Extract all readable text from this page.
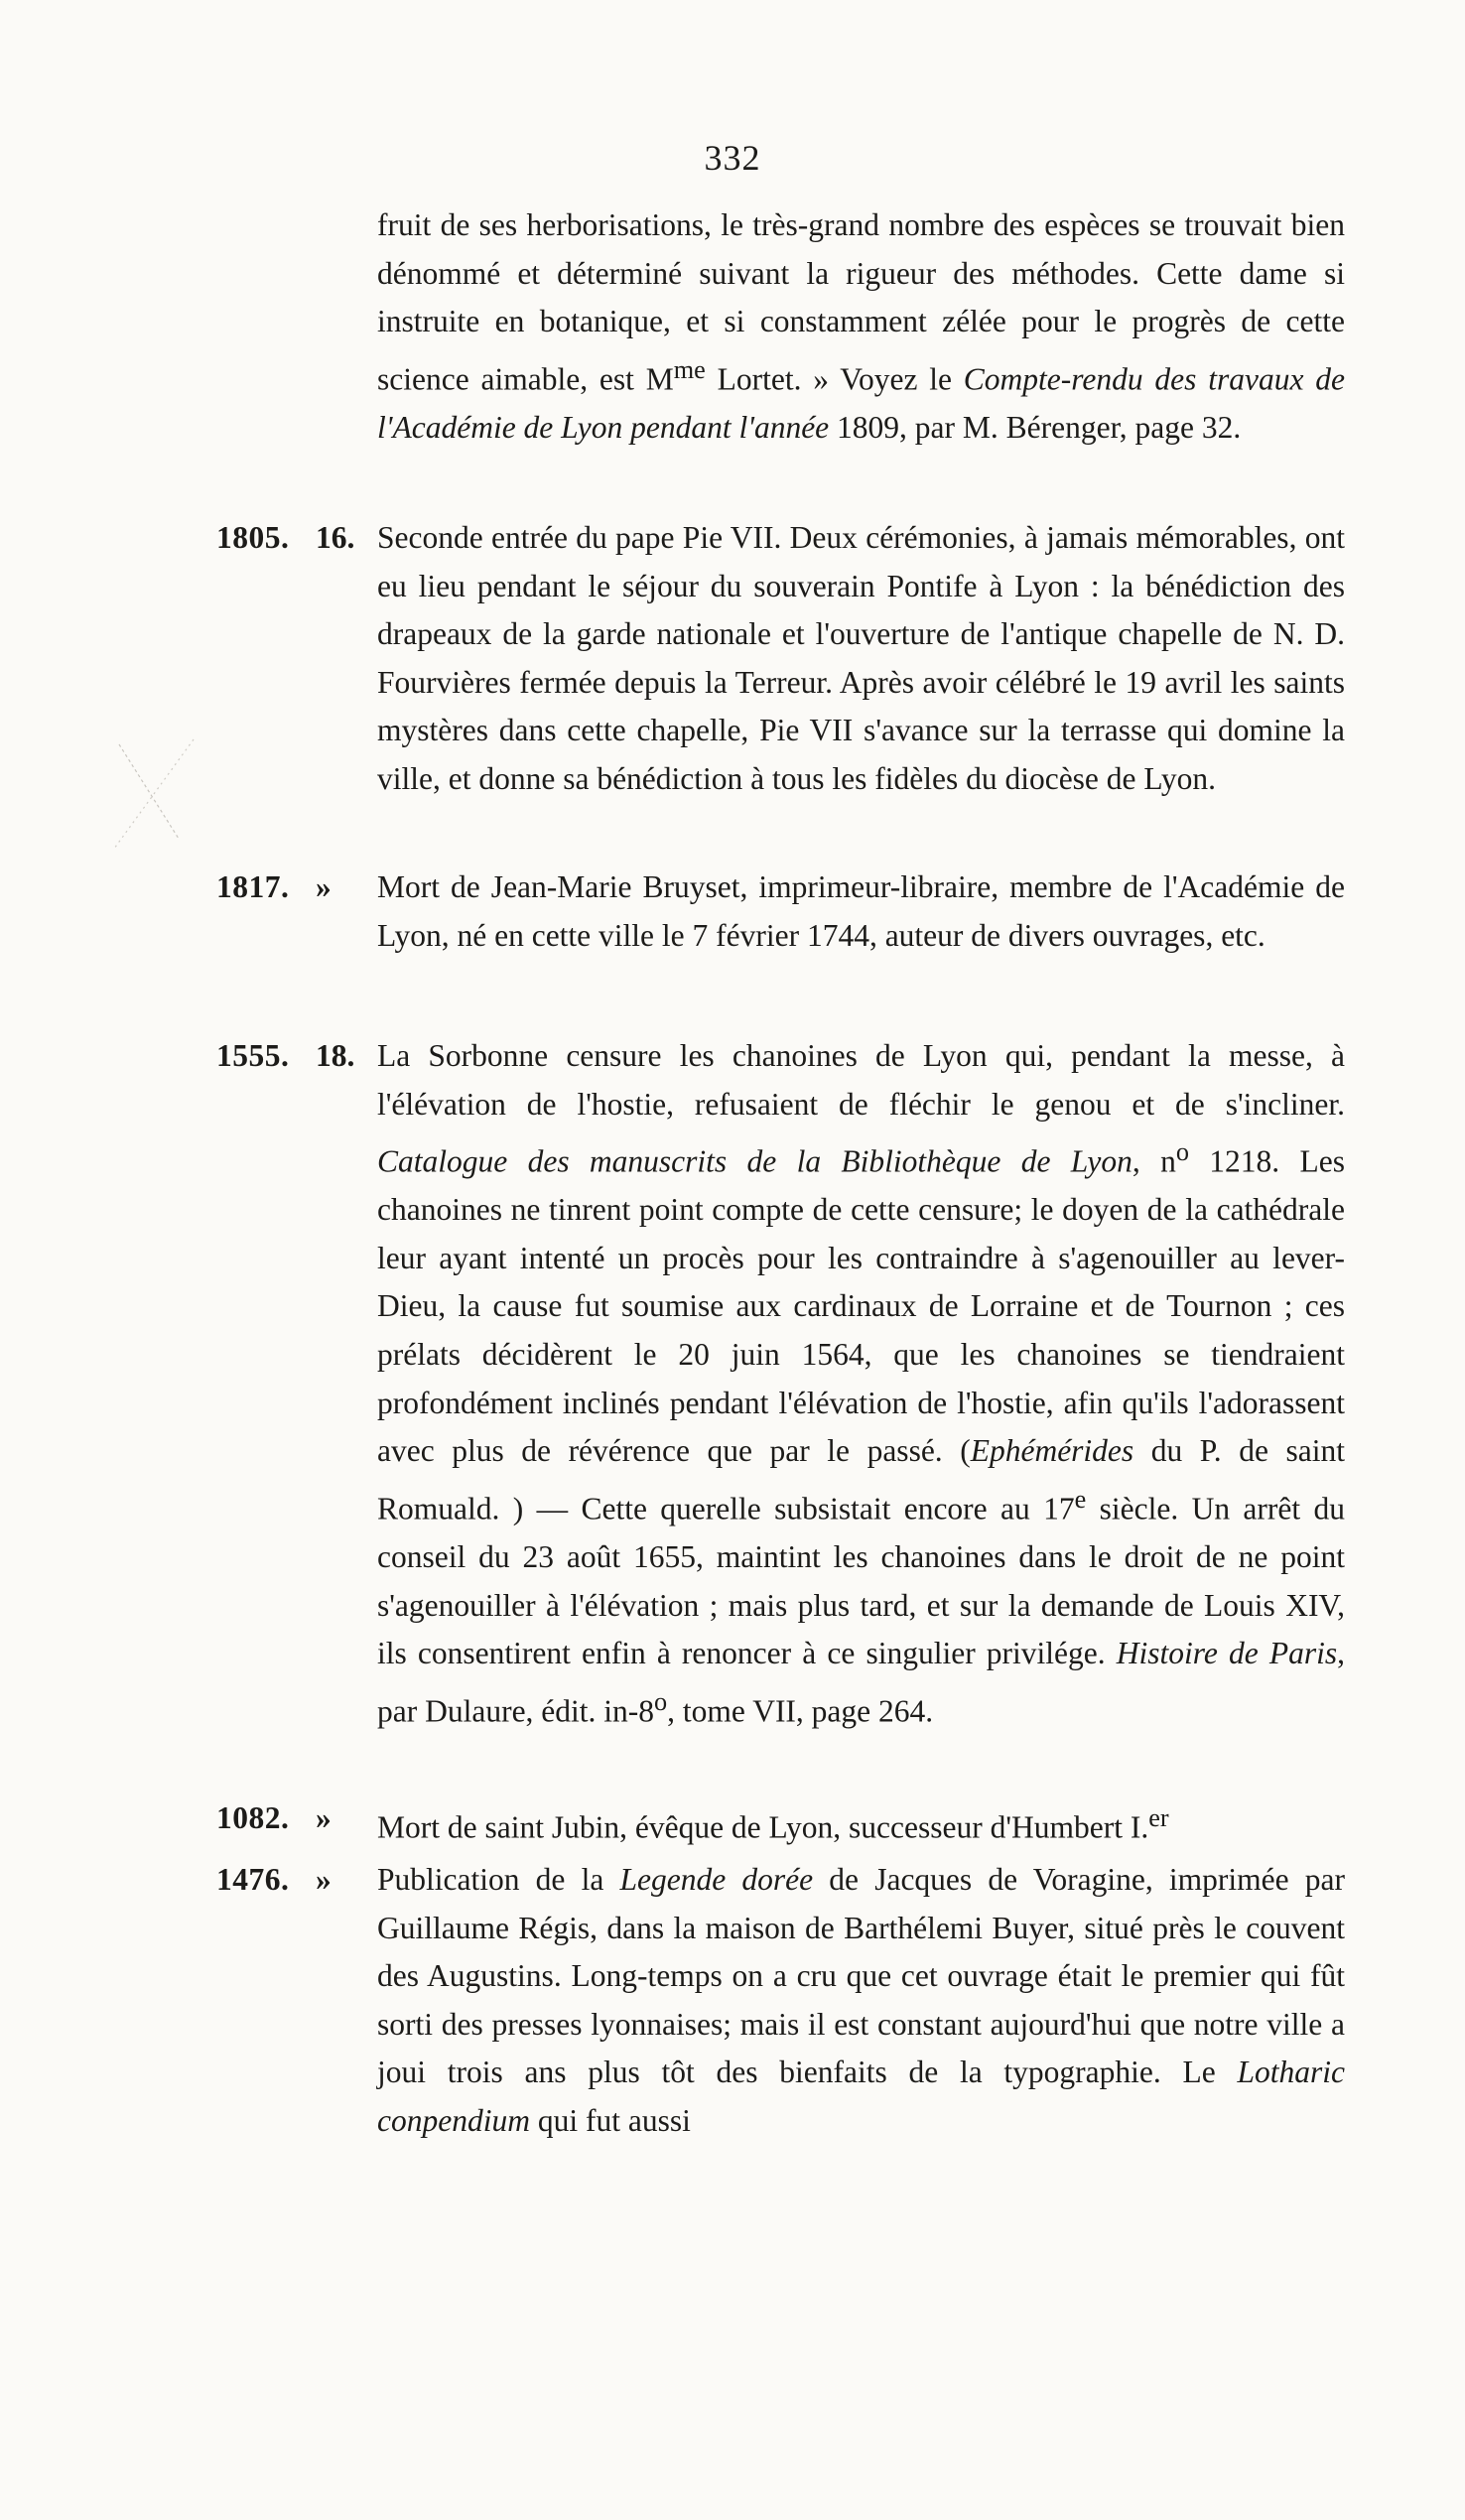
332
fruit de ses herborisations, le très-grand nombre des espèces se trouvait bien dénommé et déterminé suivant la rigueur des méthodes. Cette dame si instruite en botanique, et si constamment zélée pour le progrès de cette science aimable, est $M^{me}$ Lortet. » Voyez le Compte-rendu des travaux de l'Académie de Lyon pendant l'année 1809, par M. Bérenger, page 32.
1805. 16. Seconde entrée du pape Pie VII. Deux cérémonies, à jamais mémorables, ont eu lieu pendant le séjour du souverain Pontife à Lyon : la bénédiction des drapeaux de la garde nationale et l'ouverture de l'antique chapelle de N. D. Fourvières fermée depuis la Terreur. Après avoir célébré le 19 avril les saints mystères dans cette chapelle, Pie VII s'avance sur la terrasse qui domine la ville, et donne sa bénédiction à tous les fidèles du diocèse de Lyon.
1817. »	Mort de Jean-Marie Bruyset, imprimeur-libraire, membre de l'Académie de Lyon, né en cette ville le 7 février 1744, auteur de divers ouvrages, etc.
1555. 18. La Sorbonne censure les chanoines de Lyon qui, pendant la messe, à l'élévation de l'hostie, refusaient de fléchir le genou et de s'incliner. Catalogue des manuscrits de la Bibliothèque de Lyon, $n^o$ 1218. Les chanoines ne tinrent point compte de cette censure; le doyen de la cathédrale leur ayant intenté un procès pour les contraindre à s'agenouiller au lever-Dieu, la cause fut soumise aux cardinaux de Lorraine et de Tournon ; ces prélats décidèrent le 20 juin 1564, que les chanoines se tiendraient profondément inclinés pendant l'élévation de l'hostie, afin qu'ils l'adorassent avec plus de révérence que par le passé. (Ephémérides du P. de saint Romuald. ) — Cette querelle subsistait encore au 17e siècle. Un arrêt du conseil du 23 août 1655, maintint les chanoines dans le droit de ne point s'agenouiller à l'élévation ; mais plus tard, et sur la demande de Louis XIV, ils consentirent enfin à renoncer à ce singulier privilége. Histoire de Paris, par Dulaure, édit. in-8$^o$, tome VII, page 264.
1082. »	Mort de saint Jubin, évêque de Lyon, successeur d'Humbert I.$^{er}$
1476. »	Publication de la Legende dorée de Jacques de Voragine, imprimée par Guillaume Régis, dans la maison de Barthélemi Buyer, situé près le couvent des Augustins. Long-temps on a cru que cet ouvrage était le premier qui fût sorti des presses lyonnaises; mais il est constant aujourd'hui que notre ville a joui trois ans plus tôt des bienfaits de la typographie. Le Lotharic conpendium qui fut aussi
